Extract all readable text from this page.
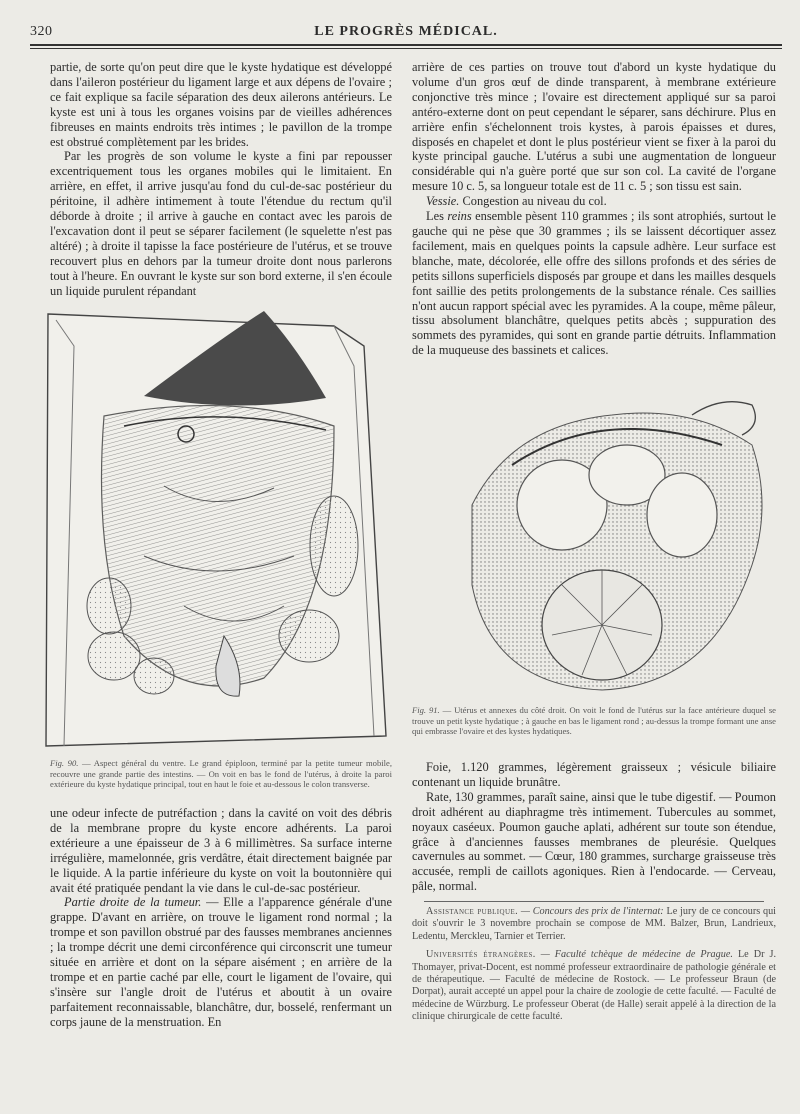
320	LE PROGRÈS MÉDICAL.

partie, de sorte qu'on peut dire que le kyste hydatique est développé dans l'aileron postérieur du ligament large et aux dépens de l'ovaire ; ce fait explique sa facile séparation des deux ailerons antérieurs. Le kyste est uni à tous les organes voisins par de vieilles adhérences fibreuses en maints endroits très intimes ; le pavillon de la trompe est obstrué complètement par les brides.

Par les progrès de son volume le kyste a fini par repousser excentriquement tous les organes mobiles qui le limitaient. En arrière, en effet, il arrive jusqu'au fond du cul-de-sac postérieur du péritoine, il adhère intimement à toute l'étendue du rectum qu'il déborde à droite ; il arrive à gauche en contact avec les parois de l'excavation dont il peut se séparer facilement (le squelette n'est pas altéré) ; à droite il tapisse la face postérieure de l'utérus, et se trouve recouvert plus en dehors par la tumeur droite dont nous parlerons tout à l'heure. En ouvrant le kyste sur son bord externe, il s'en écoule un liquide purulent répandant

arrière de ces parties on trouve tout d'abord un kyste hydatique du volume d'un gros œuf de dinde transparent, à membrane extérieure conjonctive très mince ; l'ovaire est directement appliqué sur sa paroi antéro-externe dont on peut cependant le séparer, sans déchirure. Plus en arrière enfin s'échelonnent trois kystes, à parois épaisses et dures, disposés en chapelet et dont le plus postérieur vient se fixer à la paroi du kyste principal gauche. L'utérus a subi une augmentation de longueur considérable qui n'a guère porté que sur son col. La cavité de l'organe mesure 10 c. 5, sa longueur totale est de 11 c. 5 ; son tissu est sain.

Vessie. Congestion au niveau du col.

Les reins ensemble pèsent 110 grammes ; ils sont atrophiés, surtout le gauche qui ne pèse que 30 grammes ; ils se laissent décortiquer assez facilement, mais en quelques points la capsule adhère. Leur surface est blanche, mate, décolorée, elle offre des sillons profonds et des séries de petits sillons superficiels disposés par groupe et dans les mailles desquels font saillie des petits prolongements de la substance rénale. Ces saillies n'ont aucun rapport spécial avec les pyramides. A la coupe, même pâleur, tissu absolument blanchâtre, quelques petits abcès ; suppuration des sommets des pyramides, qui sont en grande partie détruits. Inflammation de la muqueuse des bassinets et calices.

Fig. 90. — Aspect général du ventre. Le grand épiploon, terminé par la petite tumeur mobile, recouvre une grande partie des intestins. — On voit en bas le fond de l'utérus, à droite la paroi extérieure du kyste hydatique principal, tout en haut le foie et au-dessous le colon transverse.
Fig. 91. — Utérus et annexes du côté droit. On voit le fond de l'utérus sur la face antérieure duquel se trouve un petit kyste hydatique ; à gauche en bas le ligament rond ; au-dessus la trompe formant une anse qui embrasse l'ovaire et des kystes hydatiques.

une odeur infecte de putréfaction ; dans la cavité on voit des débris de la membrane propre du kyste encore adhérents. La paroi extérieure a une épaisseur de 3 à 6 millimètres. Sa surface interne irrégulière, mamelonnée, gris verdâtre, était directement baignée par le liquide. A la partie inférieure du kyste on voit la boutonnière qui avait été pratiquée pendant la vie dans le cul-de-sac postérieur.

Partie droite de la tumeur. — Elle a l'apparence générale d'une grappe. D'avant en arrière, on trouve le ligament rond normal ; la trompe et son pavillon obstrué par des fausses membranes anciennes ; la trompe décrit une demi circonférence qui circonscrit une tumeur située en arrière et dont on la sépare aisément ; en arrière de la trompe et en partie caché par elle, court le ligament de l'ovaire, qui s'insère sur l'angle droit de l'utérus et aboutit à un ovaire parfaitement reconnaissable, blanchâtre, dur, bosselé, renfermant un corps jaune de la menstruation. En

Foie, 1.120 grammes, légèrement graisseux ; vésicule biliaire contenant un liquide brunâtre.

Rate, 130 grammes, paraît saine, ainsi que le tube digestif. — Poumon droit adhérent au diaphragme très intimement. Tubercules au sommet, noyaux caséeux. Poumon gauche aplati, adhérent sur toute son étendue, grâce à d'anciennes fausses membranes de pleurésie. Quelques cavernules au sommet. — Cœur, 180 grammes, surcharge graisseuse très accusée, rempli de caillots agoniques. Rien à l'endocarde. — Cerveau, pâle, normal.

Assistance publique. — Concours des prix de l'internat: Le jury de ce concours qui doit s'ouvrir le 3 novembre prochain se compose de MM. Balzer, Brun, Landrieux, Ledentu, Merckleu, Tarnier et Terrier.

Universités étrangères. — Faculté tchèque de médecine de Prague. Le Dr J. Thomayer, privat-Docent, est nommé professeur extraordinaire de pathologie générale et de thérapeutique. — Faculté de médecine de Rostock. — Le professeur Braun (de Dorpat), aurait accepté un appel pour la chaire de zoologie de cette faculté. — Faculté de médecine de Würzburg. Le professeur Oberat (de Halle) serait appelé à la direction de la clinique chirurgicale de cette faculté.
